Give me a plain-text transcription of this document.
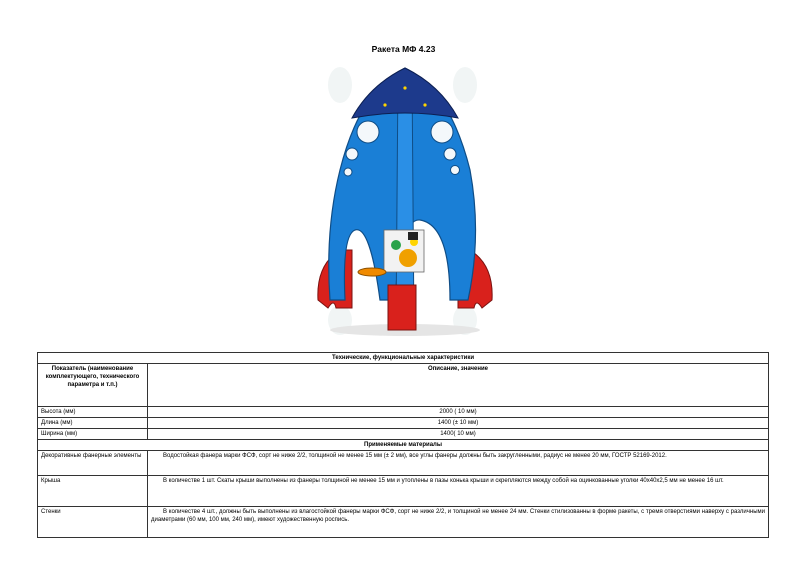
Ракета МФ 4.23
Технические, функциональные характеристики	
Показатель (наименование комплектующего, технического параметра и т.п.)	Описание, значение
Высота (мм)	2000 ( 10 мм)
Длина (мм)	1400 (± 10 мм)
Ширина (мм)	1400( 10 мм)
Применяемые материалы	
Декоративные фанерные элементы	Водостойкая фанера марки ФСФ, сорт не ниже 2/2, толщиной не менее 15 мм (± 2 мм), все углы фанеры должны быть закругленными, радиус не менее 20 мм, ГОСТР 52169-2012.
Крыша	В количестве 1 шт. Скаты крыши выполнены из фанеры толщиной не менее 15 мм и утоплены в пазы конька крыши и скрепляются между собой на оцинкованные уголки 40х40х2,5 мм не менее 16 шт.
Стенки	В количестве 4 шт., должны быть выполнены из влагостойкой фанеры марки ФСФ, сорт не ниже 2/2, и толщиной не менее 24 мм. Стенки стилизованны в форме ракеты, с тремя отверстиями наверху с различными диаметрами (60 мм, 100 мм, 240 мм), имеют художественную роспись.
